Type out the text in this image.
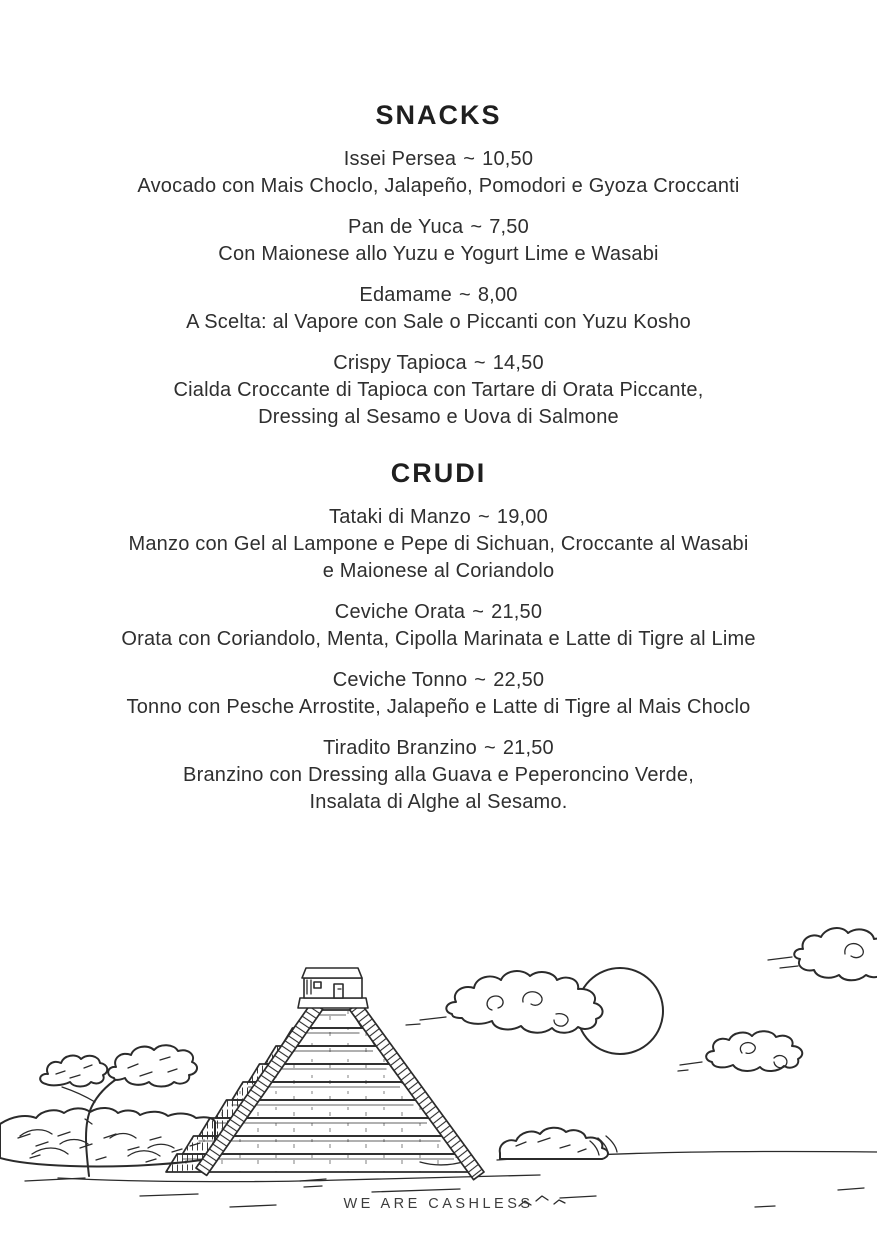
SNACKS
Issei Persea ~ 10,50
Avocado con Mais Choclo, Jalapeño, Pomodori e Gyoza Croccanti
Pan de Yuca ~ 7,50
Con Maionese allo Yuzu e Yogurt Lime e Wasabi
Edamame ~ 8,00
A Scelta: al Vapore con Sale o Piccanti con Yuzu Kosho
Crispy Tapioca ~ 14,50
Cialda Croccante di Tapioca con Tartare di Orata Piccante,
Dressing al Sesamo e Uova di Salmone
CRUDI
Tataki di Manzo ~ 19,00
Manzo con Gel al Lampone e Pepe di Sichuan, Croccante al Wasabi
e Maionese al Coriandolo
Ceviche Orata ~ 21,50
Orata con Coriandolo, Menta, Cipolla Marinata e Latte di Tigre al Lime
Ceviche Tonno ~ 22,50
Tonno con Pesche Arrostite, Jalapeño e Latte di Tigre al Mais Choclo
Tiradito Branzino ~ 21,50
Branzino con Dressing alla Guava e Peperoncino Verde,
Insalata di Alghe al Sesamo.
WE ARE CASHLESS
